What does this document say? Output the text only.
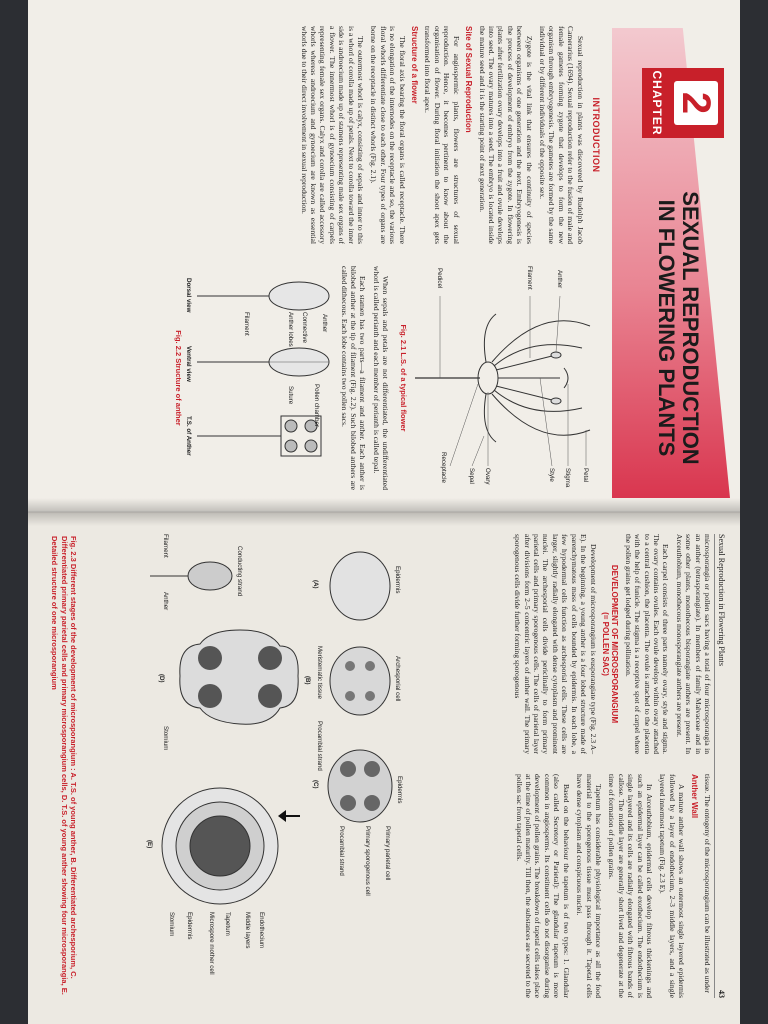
2
CHAPTER
SEXUAL REPRODUCTION
IN FLOWERING PLANTS
INTRODUCTION

Sexual reproduction in plants was discovered by Rudolph Jacob Camerarius (1694). Sexual reproduction refer to the fusion of male and female gametes forming zygote that develops to form the new organism through embryogenesis. The gametes are formed by the same individual or by different individuals of the opposite sex.

Zygote is the vital link that ensures the continuity of species between organisms of one generation and the next. Embryogenesis is the process of development of embryo from the zygote. In flowering plants after fertilization ovary develops into a fruit and ovule develops into seed. The ovary matures into a seed. The embryo is located inside the mature seed and it is the starting point of next generation.

Site of Sexual Reproduction

For angiospermic plants, flowers are structures of sexual reproduction. Hence, it becomes pertinent to know about the organisation of flower. During floral initiation the shoot apex gets transformed into floral apex.

Structure of a flower

The floral axis bearing the floral organs is called receptacle. There is no elongation of the internodes on the receptacle and so, the various floral whorls differentiate close to each other. Four types of organs are borne on the receptacle in distinct whorls (Fig. 2.1).

The outermost whorl is calyx, consisting of sepals and inner to this is a whorl of corolla made up of petals. Next to corolla toward the inner side is androecium made up of stamens representing male sex organs of a flower. The innermost whorl is of gynoecium consisting of carpels representing female sex organs. Calyx and corolla are called accessory whorls whereas androecium and gynoecium are known as essential whorls due to their direct involvement in sexual reproduction.

Petal
Stigma
Style
Anther
Filament
Ovary
Sepal
Pedicel
Receptacle
Fig. 2.1 L.S. of a typical flower

When sepals and petals are not differentiated, the undifferentiated whorl is called perianth and each member of perianth is called tepal.

Each stamen has two parts—a filament and anther. Each anther is bilobed anther at the tip of filament (Fig. 2.2). Such bilobed anthers are called dithecous. Each lobe contains two pollen sacs.

Anther
Connective
Anther lobes
Filament
Pollen chamber
Suture
Dorsal view
Ventral view
T.S. of Anther
Fig. 2.2 Structure of anther
Sexual Reproduction in Flowering Plants
43

microsporangia or pollen sacs having a total of four microsporangia in an anther (tetrasporangiate). In members of family Malvaceae and in some other plants, monothecous bisporangiate anthers are present. In Arceuthobium, monothecous monosporangiate anthers are present.

Each carpel consists of three parts namely ovary, style and stigma. The ovary contains ovules. Each ovule develops within ovary attached to a central cushion, the placenta. The ovule is attached to the placenta with the help of funicle. The stigma is a receptive spot of carpel where the pollen grains get lodged during pollination.

DEVELOPMENT OF MICROSPORANGIUM
(= POLLEN SAC)

Development of microsporangium is eusporangiate type (Fig. 2.3 A–E). In the beginning, a young anther is a four lobed structure made of parenchymatous mass of cells bounded by epidermis. In each lobe, a few hypodermal cells function as archesporial cells. These cells are larger, slightly radially elongated with dense cytoplasm and prominent nuclei. The archesporial cells divide periclinally to form primary parietal cells and primary sporogenous cells. The cells of parietal layer after divisions form 2–5 concentric layers of anther wall. The primary sporogenous cells divide further forming sporogenous

tissue. The ontogeny of the microsporangium can be illustrated as under

Anther Wall

A mature anther wall shows an outermost single layered epidermis followed by a layer of endothecium, 2–3 middle layers, and a single layered innermost tapetum (Fig. 2.3 E).

In Arceuthobium, epidermal cells develop fibrous thickenings and such an epidermal layer can be called exothecium. The endothecium is single layered and its cells are radially elongated with fibrous bands of callose. The middle layer are generally short lived and degenerate at the time of formation of pollen grains.

Tapetum has considerable physiological importance as all the food material to the sporogenous tissue must pass through it. Tapetal cells have dense cytoplasm and conspicuous nuclei.

Based on the behaviour the tapetum is of two types: 1. Glandular (also called Secretory or Parietal): The glandular tapetum is more common in angiosperms. Its constituent cells do not disorganise during development of pollen grains. The breakdown of tapetal cells takes place at the time of pollen maturity. Till then, the substances are secreted to the pollen sac from tapetal cells.

Epidermis
Archesporial cell
Meristematic tissue
Procambial strand
Epidermis
Primary parietal cell
Primary sporogenous cell
Procambial strand
(A)
(B)
(C)
Conducting strand
Filament
Anther
Stomium
(D)
Endothecium
Middle layers
Tapetum
Microspore mother cell
Epidermis
Stomium
(E)
Fig. 2.3 Different stages of the development of microsporangium : A. T.S. of young anther, B. Differentiated archesporium, C. Differentiated primary parietal cells and primary microsporangium cells, D. T.S. of young anther showing four microsporangia, E. Detailed structure of one microsporangium
